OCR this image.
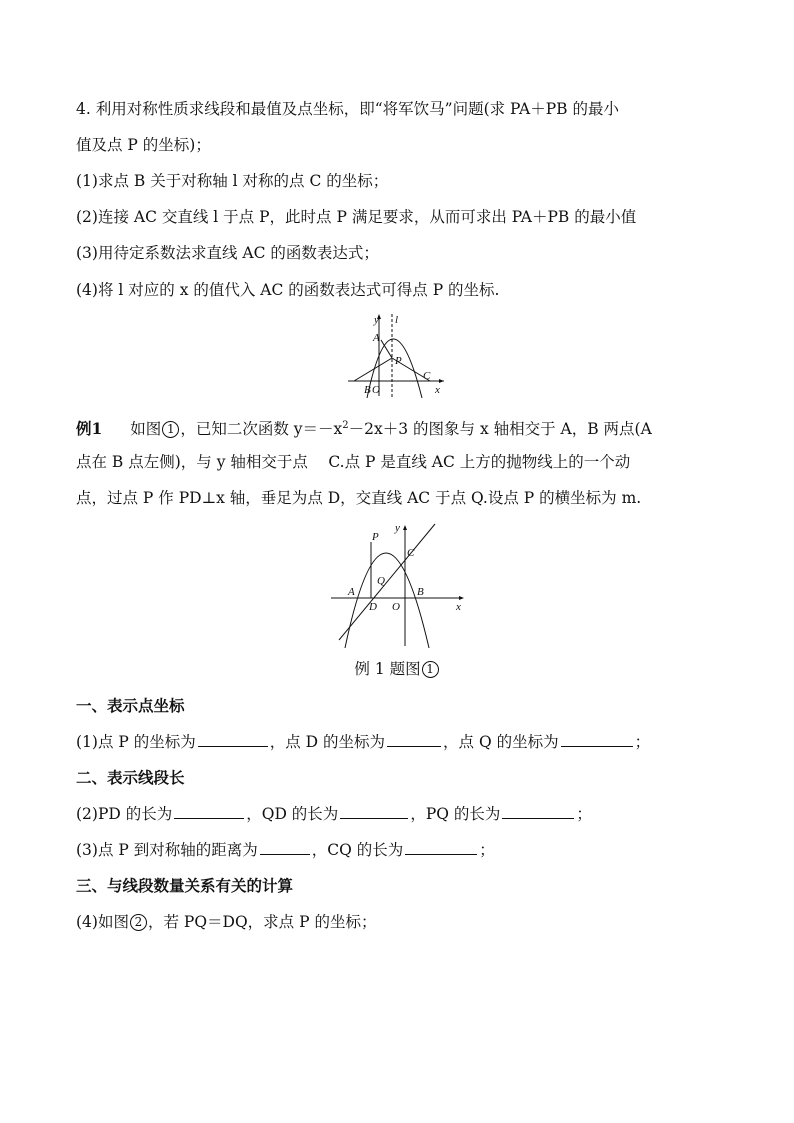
4. 利用对称性质求线段和最值及点坐标，即“将军饮马”问题(求 PA＋PB 的最小
值及点 P 的坐标)；
(1)求点 B 关于对称轴 l 对称的点 C 的坐标；
(2)连接 AC 交直线 l 于点 P，此时点 P 满足要求，从而可求出 PA＋PB 的最小值
(3)用待定系数法求直线 AC 的函数表达式；
(4)将 l 对应的 x 的值代入 AC 的函数表达式可得点 P 的坐标.
y l
A
P
B O
C
x
例1 如图 1 ，已知二次函数 $y=-x^2-2x+3$ 的图象与 x 轴相交于 A，B 两点(A
点在 B 点左侧)，与 y 轴相交于点　 C.点 P 是直线 AC 上方的抛物线上的一个动
点，过点 P 作 PD⊥x 轴，垂足为点 D，交直线 AC 于点 Q.设点 P 的横坐标为 m.
P
y
C
Q
A
D O
B
x
例 1 题图 1
一、表示点坐标
(1)点 P 的坐标为	，点 D 的坐标为	，点 Q 的坐标为	；
二、表示线段长
(2)PD 的长为	，QD 的长为	，PQ 的长为	；
(3)点 P 到对称轴的距离为	，CQ 的长为	；
三、与线段数量关系有关的计算
(4)如图 2 ，若 PQ＝DQ，求点 P 的坐标；
